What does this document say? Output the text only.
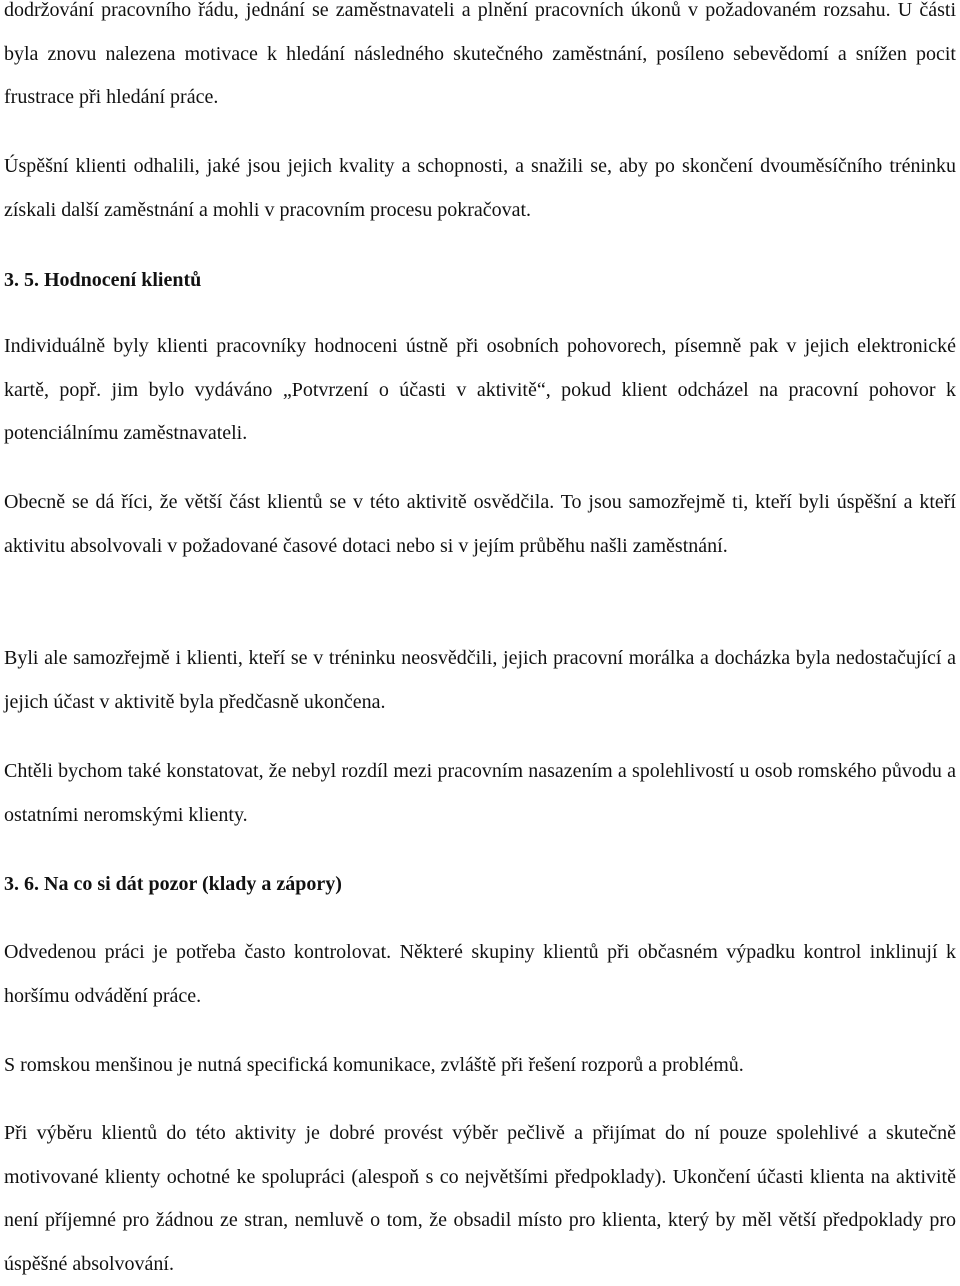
dodržování pracovního řádu, jednání se zaměstnavateli a plnění pracovních úkonů v požadovaném rozsahu. U části byla znovu nalezena motivace k hledání následného skutečného zaměstnání, posíleno sebevědomí a snížen pocit frustrace při hledání práce.

Úspěšní klienti odhalili, jaké jsou jejich kvality a schopnosti, a snažili se, aby po skončení dvouměsíčního tréninku získali další zaměstnání a mohli v pracovním procesu pokračovat.

3. 5. Hodnocení klientů

Individuálně byly klienti pracovníky hodnoceni ústně při osobních pohovorech, písemně pak v jejich elektronické kartě, popř. jim bylo vydáváno „Potvrzení o účasti v aktivitě“, pokud klient odcházel na pracovní pohovor k potenciálnímu zaměstnavateli.

Obecně se dá říci, že větší část klientů se v této aktivitě osvědčila. To jsou samozřejmě ti, kteří byli úspěšní a kteří aktivitu absolvovali v požadované časové dotaci nebo si v jejím průběhu našli zaměstnání.

Byli ale samozřejmě i klienti, kteří se v tréninku neosvědčili, jejich pracovní morálka a docházka byla nedostačující a jejich účast v aktivitě byla předčasně ukončena.

Chtěli bychom také konstatovat, že nebyl rozdíl mezi pracovním nasazením a spolehlivostí u osob romského původu a ostatními neromskými klienty.

3. 6. Na co si dát pozor (klady a zápory)

Odvedenou práci je potřeba často kontrolovat. Některé skupiny klientů při občasném výpadku kontrol inklinují k horšímu odvádění práce.

S romskou menšinou je nutná specifická komunikace, zvláště při řešení rozporů a problémů.

Při výběru klientů do této aktivity je dobré provést výběr pečlivě a přijímat do ní pouze spolehlivé a skutečně motivované klienty ochotné ke spolupráci (alespoň s co největšími předpoklady). Ukončení účasti klienta na aktivitě není příjemné pro žádnou ze stran, nemluvě o tom, že obsadil místo pro klienta, který by měl větší předpoklady pro úspěšné absolvování.
